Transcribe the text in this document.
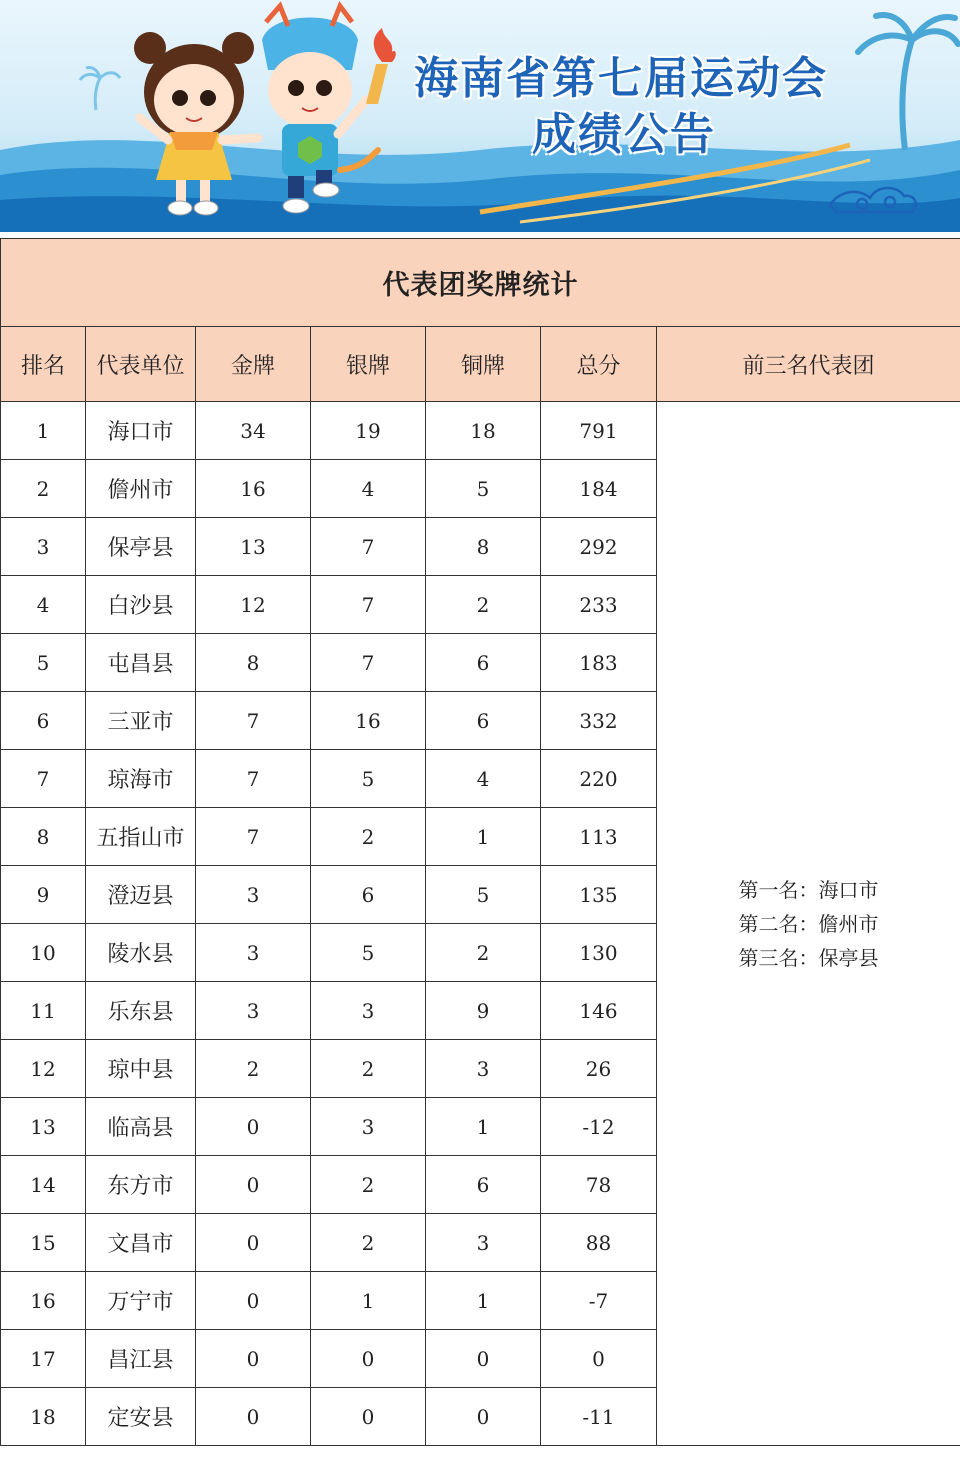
海南省第七届运动会
成绩公告
代表团奖牌统计						
排名	代表单位	金牌	银牌	铜牌	总分	前三名代表团
1	海口市	34	19	18	791	第一名：海口市
第二名：儋州市
第三名：保亭县

2	儋州市	16	4	5	184	
3	保亭县	13	7	8	292	
4	白沙县	12	7	2	233	
5	屯昌县	8	7	6	183	
6	三亚市	7	16	6	332	
7	琼海市	7	5	4	220	
8	五指山市	7	2	1	113	
9	澄迈县	3	6	5	135	
10	陵水县	3	5	2	130	
11	乐东县	3	3	9	146	
12	琼中县	2	2	3	26	
13	临高县	0	3	1	-12	
14	东方市	0	2	6	78	
15	文昌市	0	2	3	88	
16	万宁市	0	1	1	-7	
17	昌江县	0	0	0	0	
18	定安县	0	0	0	-11	
